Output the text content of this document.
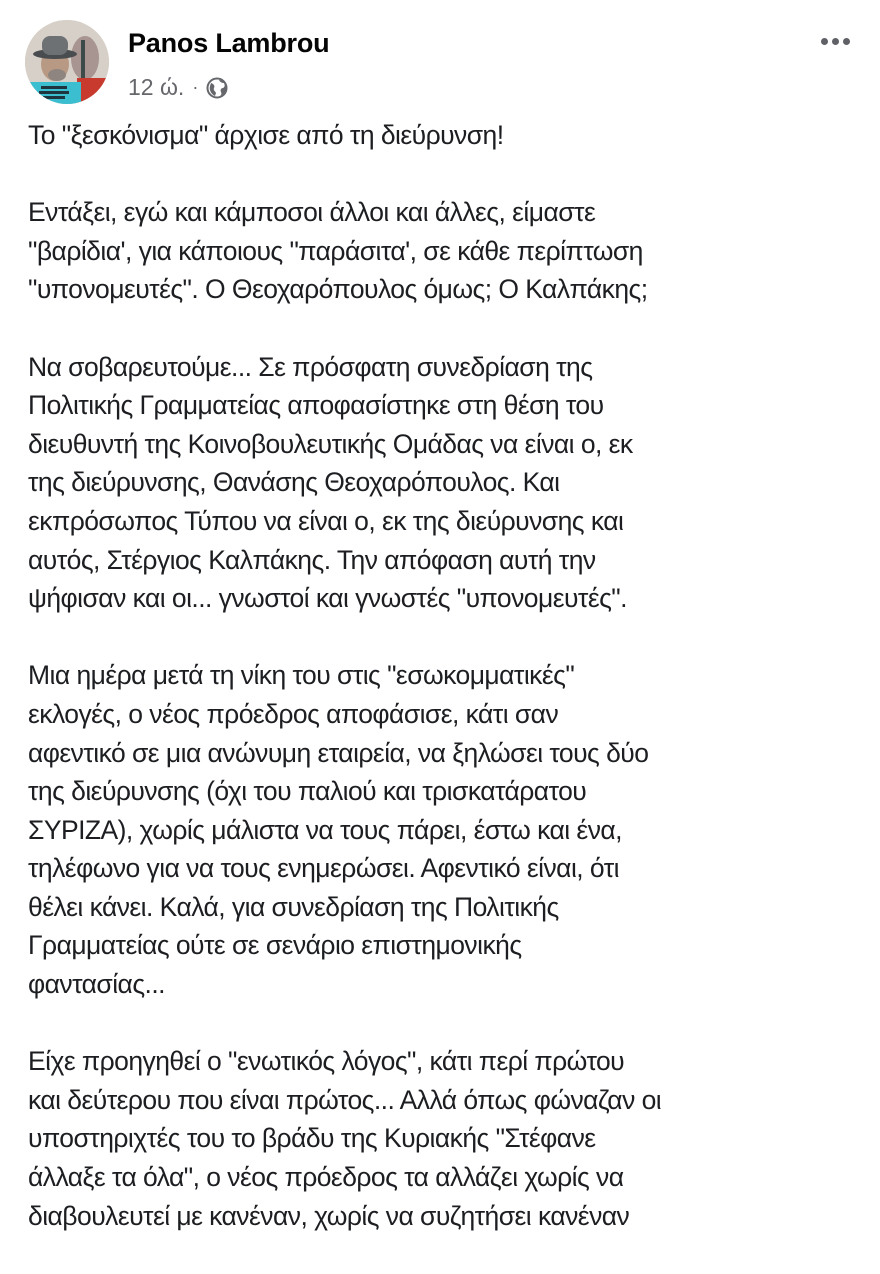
Panos Lambrou
12 ώ. ·

Το "ξεσκόνισμα" άρχισε από τη διεύρυνση!

Εντάξει, εγώ και κάμποσοι άλλοι και άλλες, είμαστε
"βαρίδια', για κάποιους "παράσιτα', σε κάθε περίπτωση
"υπονομευτές". Ο Θεοχαρόπουλος όμως; Ο Καλπάκης;

Να σοβαρευτούμε... Σε πρόσφατη συνεδρίαση της
Πολιτικής Γραμματείας αποφασίστηκε στη θέση του
διευθυντή της Κοινοβουλευτικής Ομάδας να είναι ο, εκ
της διεύρυνσης, Θανάσης Θεοχαρόπουλος. Και
εκπρόσωπος Τύπου να είναι ο, εκ της διεύρυνσης και
αυτός, Στέργιος Καλπάκης. Την απόφαση αυτή την
ψήφισαν και οι... γνωστοί και γνωστές "υπονομευτές".

Μια ημέρα μετά τη νίκη του στις "εσωκομματικές"
εκλογές, ο νέος πρόεδρος αποφάσισε, κάτι σαν
αφεντικό σε μια ανώνυμη εταιρεία, να ξηλώσει τους δύο
της διεύρυνσης (όχι του παλιού και τρισκατάρατου
ΣΥΡΙΖΑ), χωρίς μάλιστα να τους πάρει, έστω και ένα,
τηλέφωνο για να τους ενημερώσει. Αφεντικό είναι, ότι
θέλει κάνει. Καλά, για συνεδρίαση της Πολιτικής
Γραμματείας ούτε σε σενάριο επιστημονικής
φαντασίας...

Είχε προηγηθεί ο "ενωτικός λόγος", κάτι περί πρώτου
και δεύτερου που είναι πρώτος... Αλλά όπως φώναζαν οι
υποστηριχτές του το βράδυ της Κυριακής "Στέφανε
άλλαξε τα όλα", ο νέος πρόεδρος τα αλλάζει χωρίς να
διαβουλευτεί με κανέναν, χωρίς να συζητήσει κανέναν
